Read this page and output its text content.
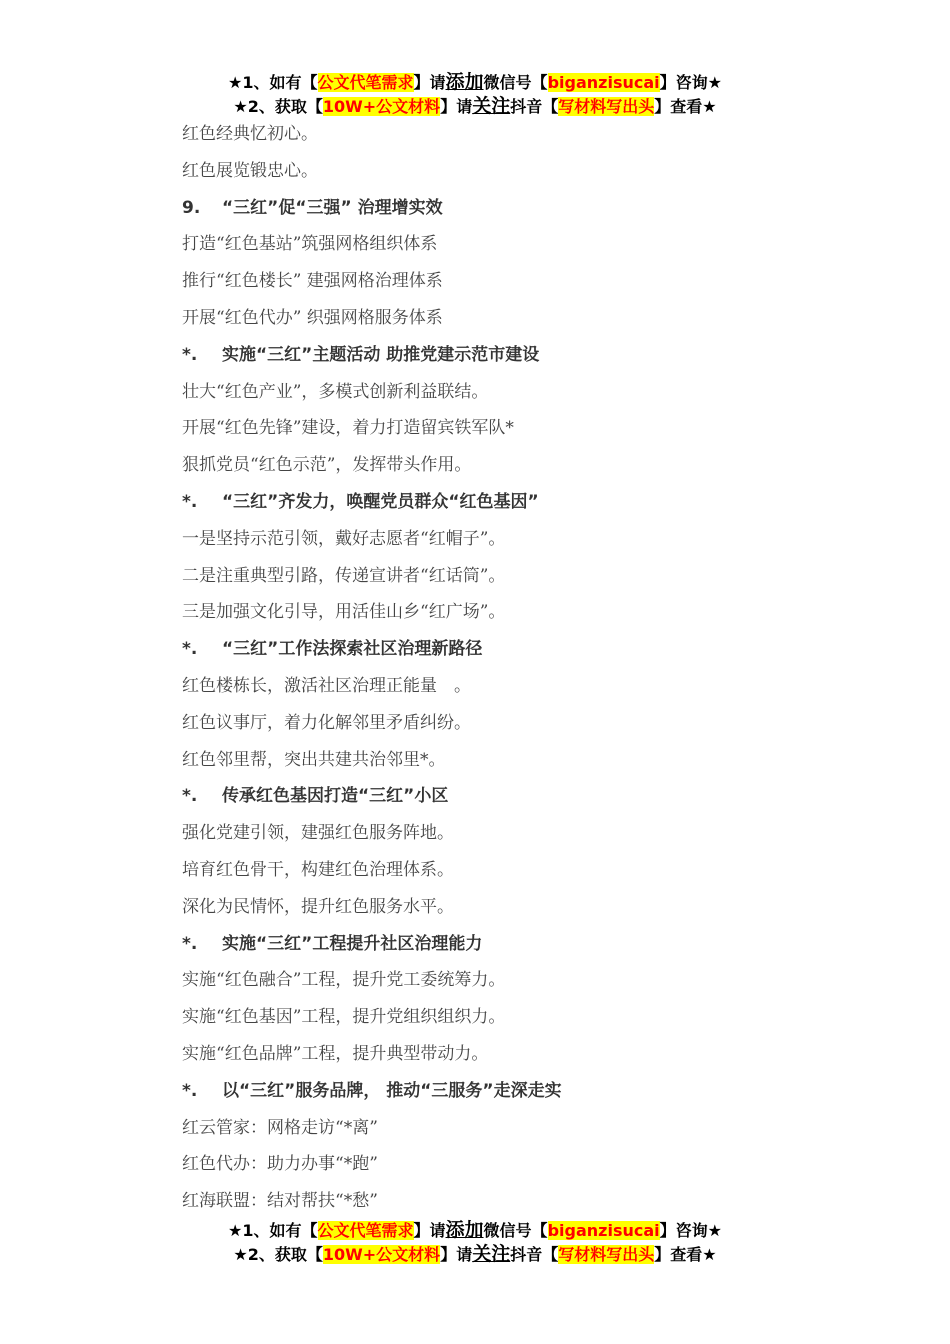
★1、如有【公文代笔需求】请添加微信号【biganzisucai】咨询★
★2、获取【10W+公文材料】请关注抖音【写材料写出头】查看★
红色经典忆初心。
红色展览锻忠心。
9. “三红”促“三强” 治理增实效
打造“红色基站”筑强网格组织体系
推行“红色楼长” 建强网格治理体系
开展“红色代办” 织强网格服务体系
*. 实施“三红”主题活动 助推党建示范市建设
壮大“红色产业”，多模式创新利益联结。
开展“红色先锋”建设，着力打造留宾铁军队*
狠抓党员“红色示范”，发挥带头作用。
*. “三红”齐发力，唤醒党员群众“红色基因”
一是坚持示范引领，戴好志愿者“红帽子”。
二是注重典型引路，传递宣讲者“红话筒”。
三是加强文化引导，用活佳山乡“红广场”。
*. “三红”工作法探索社区治理新路径
红色楼栋长，激活社区治理正能量　。
红色议事厅，着力化解邻里矛盾纠纷。
红色邻里帮，突出共建共治邻里*。
*. 传承红色基因打造“三红”小区
强化党建引领，建强红色服务阵地。
培育红色骨干，构建红色治理体系。
深化为民情怀，提升红色服务水平。
*. 实施“三红”工程提升社区治理能力
实施“红色融合”工程，提升党工委统筹力。
实施“红色基因”工程，提升党组织组织力。
实施“红色品牌”工程，提升典型带动力。
*. 以“三红”服务品牌， 推动“三服务”走深走实
红云管家：网格走访“*离”
红色代办：助力办事“*跑”
红海联盟：结对帮扶“*愁”
★1、如有【公文代笔需求】请添加微信号【biganzisucai】咨询★
★2、获取【10W+公文材料】请关注抖音【写材料写出头】查看★
